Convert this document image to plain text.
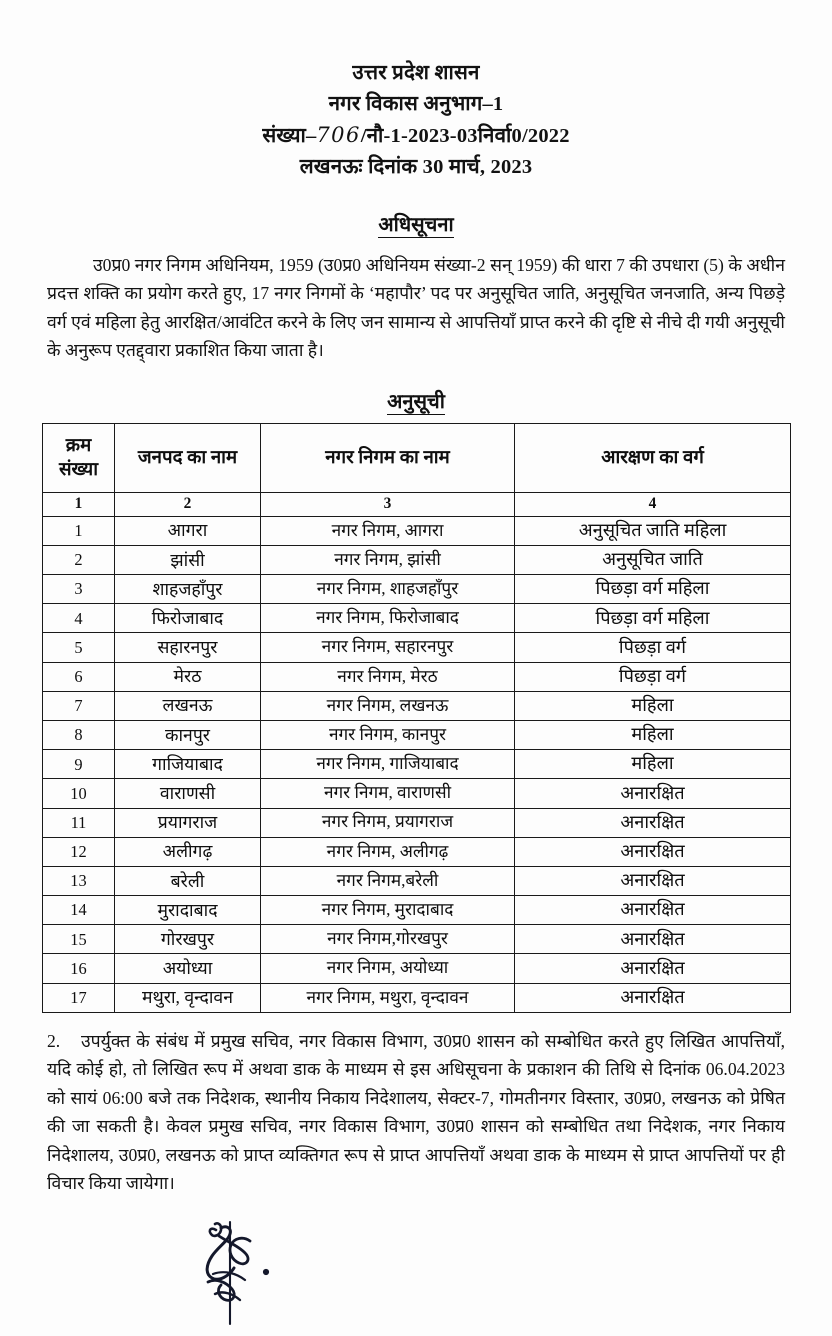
उत्तर प्रदेश शासन
नगर विकास अनुभाग–1
संख्या–706/नौ-1-2023-03निर्वा0/2022
लखनऊः दिनांक 30 मार्च, 2023
अधिसूचना

उ0प्र0 नगर निगम अधिनियम, 1959 (उ0प्र0 अधिनियम संख्या-2 सन् 1959) की धारा 7 की उपधारा (5) के अधीन प्रदत्त शक्ति का प्रयोग करते हुए, 17 नगर निगमों के ‘महापौर’ पद पर अनुसूचित जाति, अनुसूचित जनजाति, अन्य पिछड़े वर्ग एवं महिला हेतु आरक्षित/आवंटित करने के लिए जन सामान्य से आपत्तियाँ प्राप्त करने की दृष्टि से नीचे दी गयी अनुसूची के अनुरूप एतद्द्वारा प्रकाशित किया जाता है।

अनुसूची
क्रम संख्या	जनपद का नाम	नगर निगम का नाम	आरक्षण का वर्ग
1	2	3	4
1	आगरा	नगर निगम, आगरा	अनुसूचित जाति महिला
2	झांसी	नगर निगम, झांसी	अनुसूचित जाति
3	शाहजहाँपुर	नगर निगम, शाहजहाँपुर	पिछड़ा वर्ग महिला
4	फिरोजाबाद	नगर निगम, फिरोजाबाद	पिछड़ा वर्ग महिला
5	सहारनपुर	नगर निगम, सहारनपुर	पिछड़ा वर्ग
6	मेरठ	नगर निगम, मेरठ	पिछड़ा वर्ग
7	लखनऊ	नगर निगम, लखनऊ	महिला
8	कानपुर	नगर निगम, कानपुर	महिला
9	गाजियाबाद	नगर निगम, गाजियाबाद	महिला
10	वाराणसी	नगर निगम, वाराणसी	अनारक्षित
11	प्रयागराज	नगर निगम, प्रयागराज	अनारक्षित
12	अलीगढ़	नगर निगम, अलीगढ़	अनारक्षित
13	बरेली	नगर निगम,बरेली	अनारक्षित
14	मुरादाबाद	नगर निगम, मुरादाबाद	अनारक्षित
15	गोरखपुर	नगर निगम,गोरखपुर	अनारक्षित
16	अयोध्या	नगर निगम, अयोध्या	अनारक्षित
17	मथुरा, वृन्दावन	नगर निगम, मथुरा, वृन्दावन	अनारक्षित

2. उपर्युक्त के संबंध में प्रमुख सचिव, नगर विकास विभाग, उ0प्र0 शासन को सम्बोधित करते हुए लिखित आपत्तियाँ, यदि कोई हो, तो लिखित रूप में अथवा डाक के माध्यम से इस अधिसूचना के प्रकाशन की तिथि से दिनांक 06.04.2023 को सायं 06:00 बजे तक निदेशक, स्थानीय निकाय निदेशालय, सेक्टर-7, गोमतीनगर विस्तार, उ0प्र0, लखनऊ को प्रेषित की जा सकती है। केवल प्रमुख सचिव, नगर विकास विभाग, उ0प्र0 शासन को सम्बोधित तथा निदेशक, नगर निकाय निदेशालय, उ0प्र0, लखनऊ को प्राप्त व्यक्तिगत रूप से प्राप्त आपत्तियाँ अथवा डाक के माध्यम से प्राप्त आपत्तियों पर ही विचार किया जायेगा।
